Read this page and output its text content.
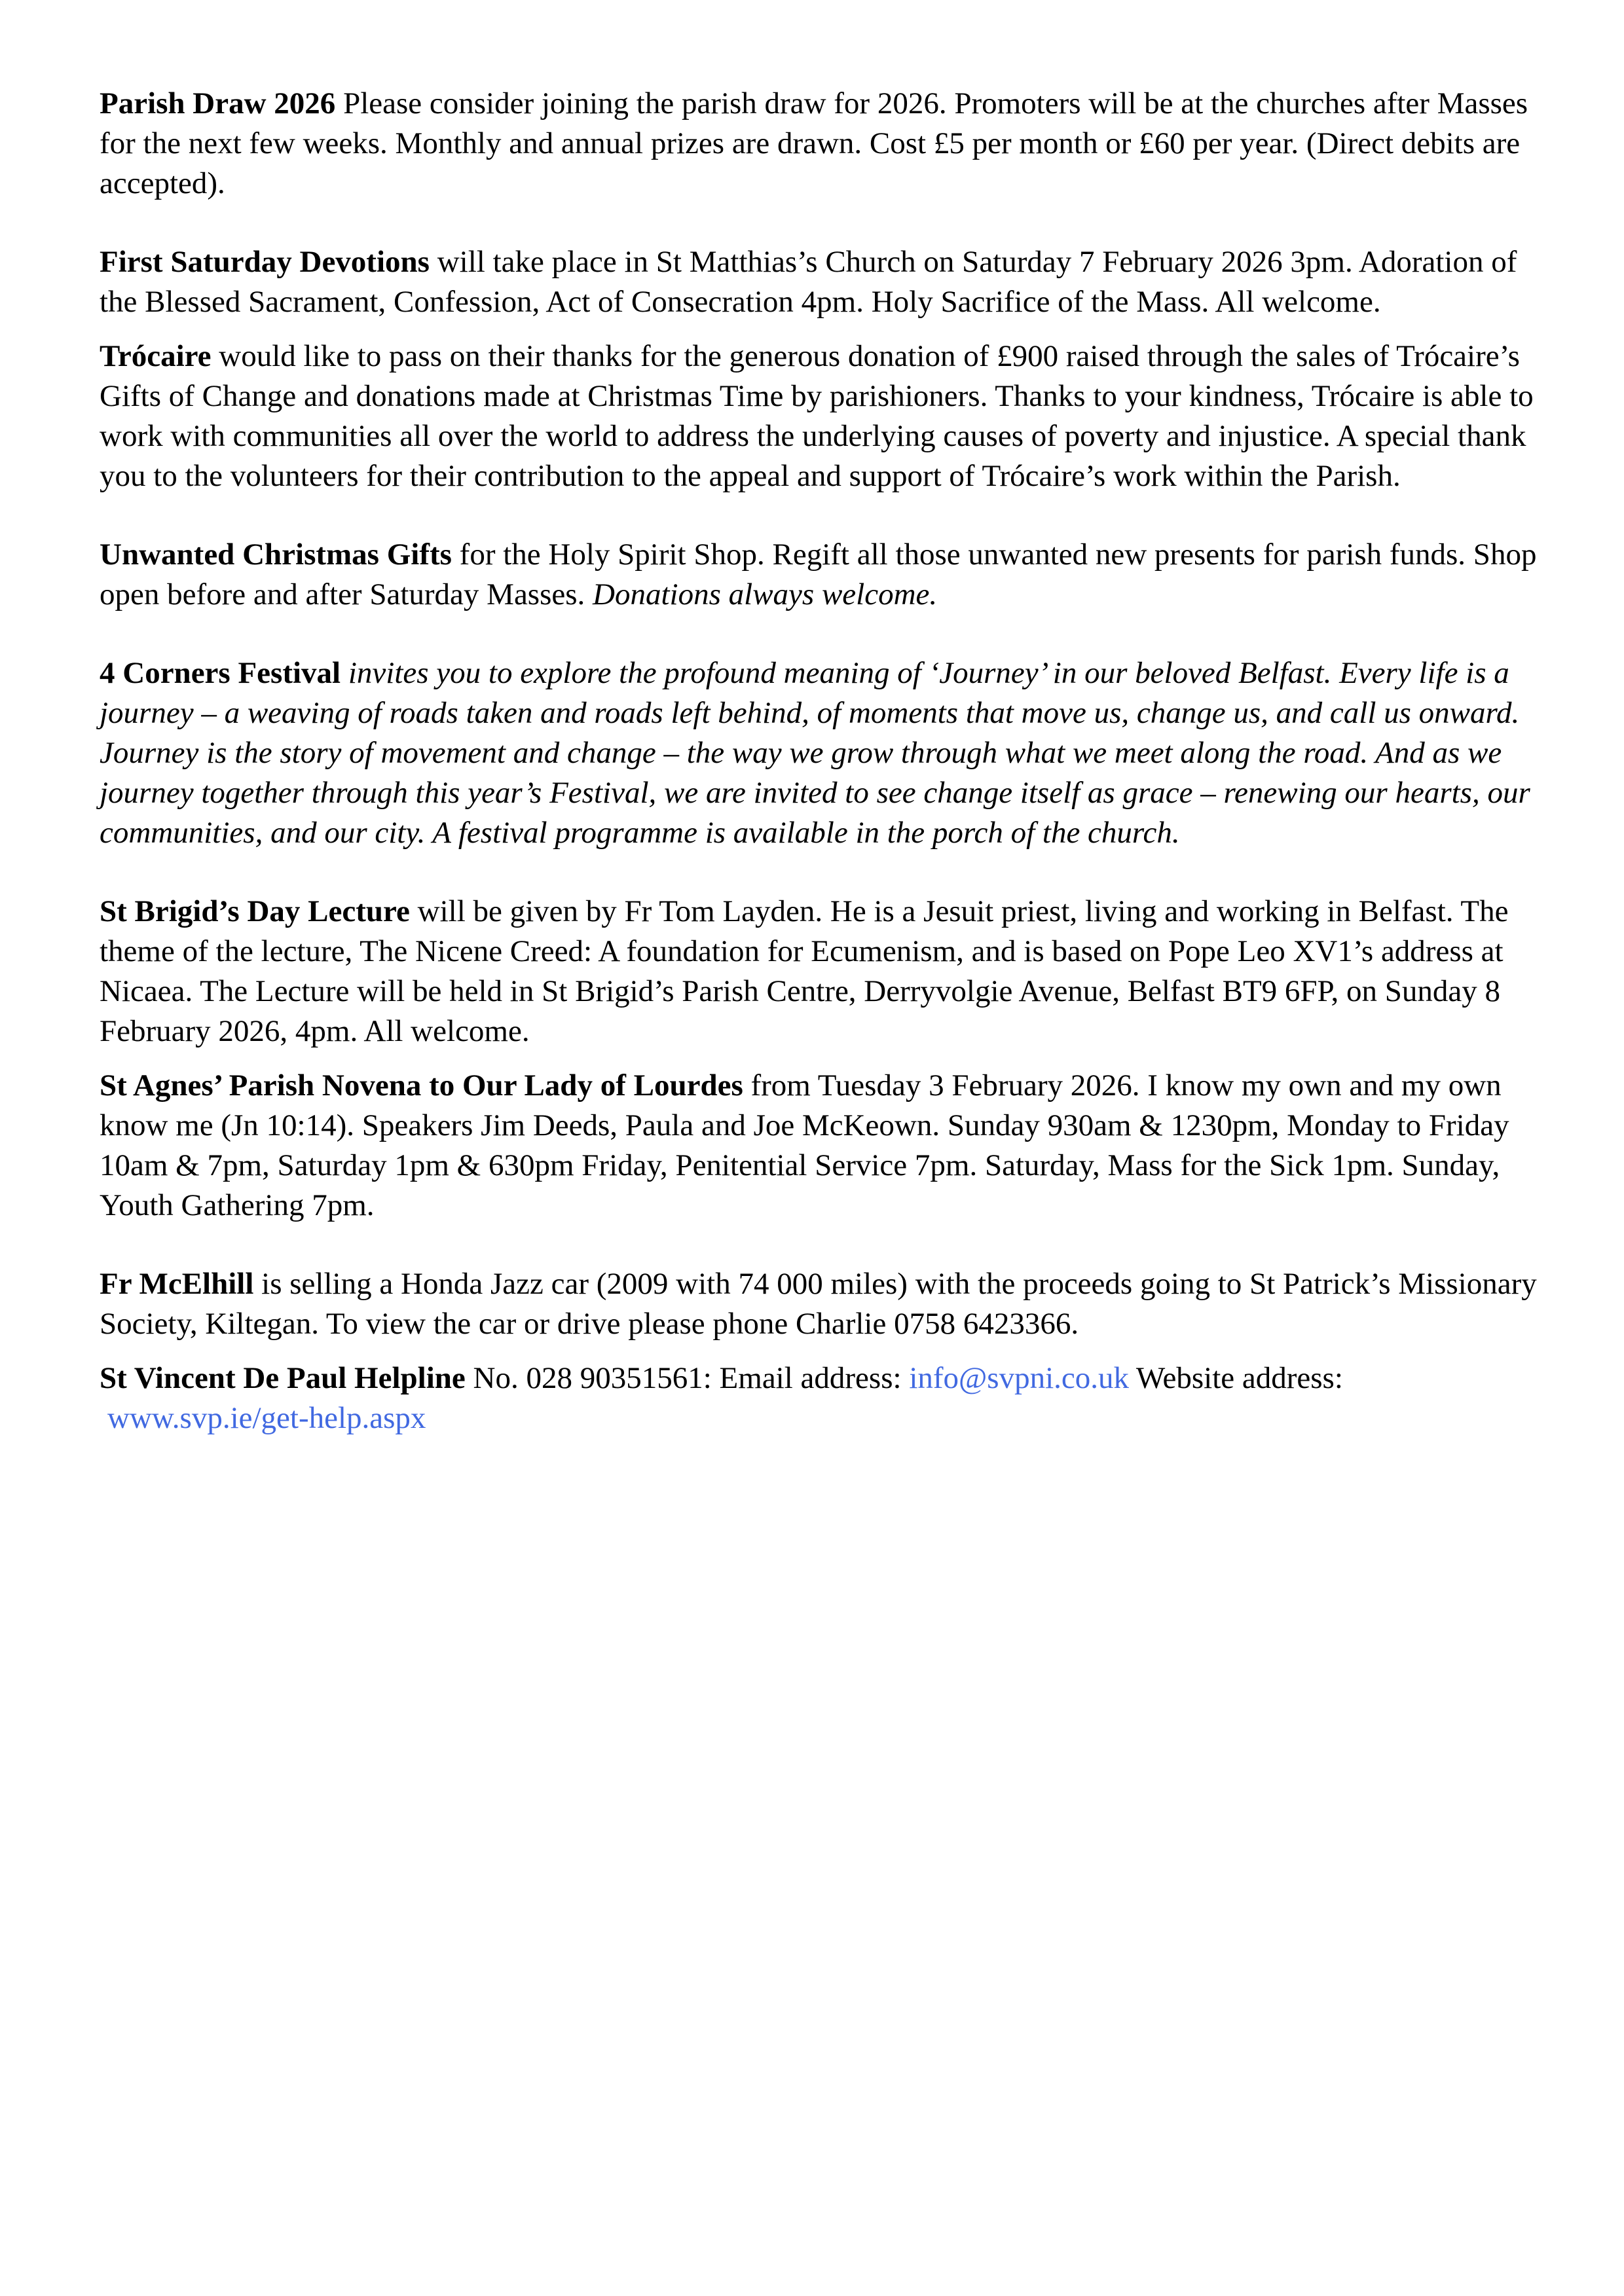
Parish Draw 2026 Please consider joining the parish draw for 2026. Promoters will be at the churches after Masses for the next few weeks. Monthly and annual prizes are drawn. Cost £5 per month or £60 per year. (Direct debits are accepted).

First Saturday Devotions will take place in St Matthias’s Church on Saturday 7 February 2026 3pm. Adoration of the Blessed Sacrament, Confession, Act of Consecration 4pm. Holy Sacrifice of the Mass. All welcome.

Trócaire would like to pass on their thanks for the generous donation of £900 raised through the sales of Trócaire’s Gifts of Change and donations made at Christmas Time by parishioners. Thanks to your kindness, Trócaire is able to work with communities all over the world to address the underlying causes of poverty and injustice. A special thank you to the volunteers for their contribution to the appeal and support of Trócaire’s work within the Parish.

Unwanted Christmas Gifts for the Holy Spirit Shop. Regift all those unwanted new presents for parish funds. Shop open before and after Saturday Masses. Donations always welcome.

4 Corners Festival invites you to explore the profound meaning of ‘Journey’ in our beloved Belfast. Every life is a journey – a weaving of roads taken and roads left behind, of moments that move us, change us, and call us onward. Journey is the story of movement and change – the way we grow through what we meet along the road. And as we journey together through this year’s Festival, we are invited to see change itself as grace – renewing our hearts, our communities, and our city. A festival programme is available in the porch of the church.

St Brigid’s Day Lecture will be given by Fr Tom Layden. He is a Jesuit priest, living and working in Belfast. The theme of the lecture, The Nicene Creed: A foundation for Ecumenism, and is based on Pope Leo XV1’s address at Nicaea. The Lecture will be held in St Brigid’s Parish Centre, Derryvolgie Avenue, Belfast BT9 6FP, on Sunday 8 February 2026, 4pm. All welcome.

St Agnes’ Parish Novena to Our Lady of Lourdes from Tuesday 3 February 2026. I know my own and my own know me (Jn 10:14). Speakers Jim Deeds, Paula and Joe McKeown. Sunday 930am & 1230pm, Monday to Friday 10am & 7pm, Saturday 1pm & 630pm Friday, Penitential Service 7pm. Saturday, Mass for the Sick 1pm. Sunday, Youth Gathering 7pm.

Fr McElhill is selling a Honda Jazz car (2009 with 74 000 miles) with the proceeds going to St Patrick’s Missionary Society, Kiltegan. To view the car or drive please phone Charlie 0758 6423366.

St Vincent De Paul Helpline No. 028 90351561: Email address: info@svpni.co.uk Website address:
www.svp.ie/get-help.aspx
